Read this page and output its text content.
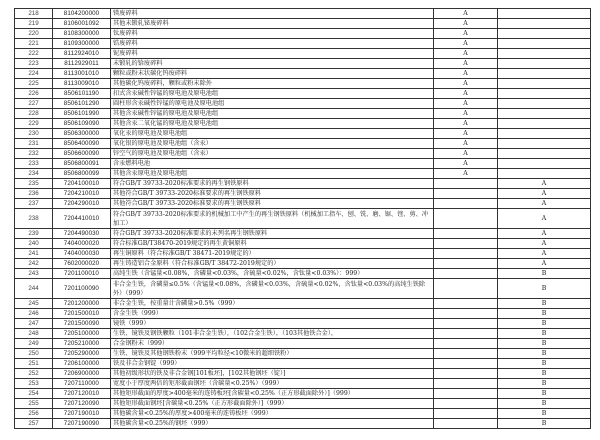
218	8104200000	镁废碎料	A	
219	8106001092	其他未锻轧铋废碎料	A	
220	8108300000	钛废碎料	A	
221	8109300000	锆废碎料	A	
222	8112924010	铌废碎料	A	
223	8112929011	未锻轧的铪废碎料	A	
224	8113001010	颗粒或粉末状碳化钨废碎料	A	
225	8113009010	其他碳化钨废碎料，颗粒或粉末除外	A	
226	8506101190	扣式含汞碱性锌锰的原电池及原电池组	A	
227	8506101290	圆柱形含汞碱性锌锰的原电池及原电池组	A	
228	8506101990	其他含汞碱性锌锰的原电池及原电池组	A	
229	8506109090	其他含汞二氧化锰的原电池及原电池组	A	
230	8506300000	氧化汞的原电池及原电池组	A	
231	8506400090	氧化银的原电池及原电池组（含汞）	A	
232	8506600090	锌空气的原电池及原电池组（含汞）	A	
233	8506800091	含汞燃料电池	A	
234	8506800099	其他含汞原电池及原电池组	A	
235	7204100010	符合GB/T 39733-2020标准要求的再生钢铁原料		A
236	7204210010	其他符合GB/T 39733-2020标准要求的再生钢铁原料		A
237	7204290010	其他符合GB/T 39733-2020标准要求的再生钢铁原料		A
238	7204410010	符合GB/T 39733-2020标准要求的机械加工中产生的再生钢铁原料（机械加工指车、刨、铣、磨、锯、锉、剪、冲加工）		A
239	7204490030	符合GB/T 39733-2020标准要求的未列名再生钢铁原料		A
240	7404000020	符合标准GB/T38470-2019规定的再生黄铜原料		A
241	7404000030	再生铜原料（符合标准GB/T 38471-2019规定的）		A
242	7602000020	再生铸造铝合金原料（符合标准GB/T 38472-2019规定的）		A
243	7201100010	高纯生铁（含锰量<0.08%，含磷量<0.03%，含硫量<0.02%，含钛量<0.03%）：999）		B
244	7201100090	非合金生铁，含磷量≤0.5%（含锰量<0.08%，含磷量<0.03%，含硫量<0.02%，含钛量<0.03%的高纯生铁除外）（999）		B
245	7201200000	非合金生铁，按重量计含磷量>0.5%（999）		B
246	7201500010	含金生铁（999）		B
247	7201500090	镜铁（999）		B
248	7205100000	生铁、镜铁及钢铁颗粒（101非合金生铁），（102合金生铁），（103其他铁合金），		B
249	7205210000	合金钢粉末（999）		B
250	7205290000	生铁、镜铁及其他钢铁粉末（999平均粒径<10微米的超细铁粉）		B
251	7206100000	铁及非合金钢锭（999）		B
252	7206900000	其他初级形状的铁及非合金钢[101板坯]，[102其他钢坯（锭）]		B
253	7207110000	宽度小于厚度两倍的矩形截面钢坯（含碳量<0.25%）（999）		B
254	7207120010	其他矩形截面的厚度>400毫米的连铸板坯[含碳量<0.25%（正方形截面除外）]（999）		B
255	7207120090	其他矩形截面钢坯[含碳量<0.25%（正方形截面除外）]（999）		B
256	7207190010	其他碳含量<0.25%的厚度>400毫米的连铸板坯（999）		B
257	7207190090	其他碳含量<0.25%的钢坯（999）		B
